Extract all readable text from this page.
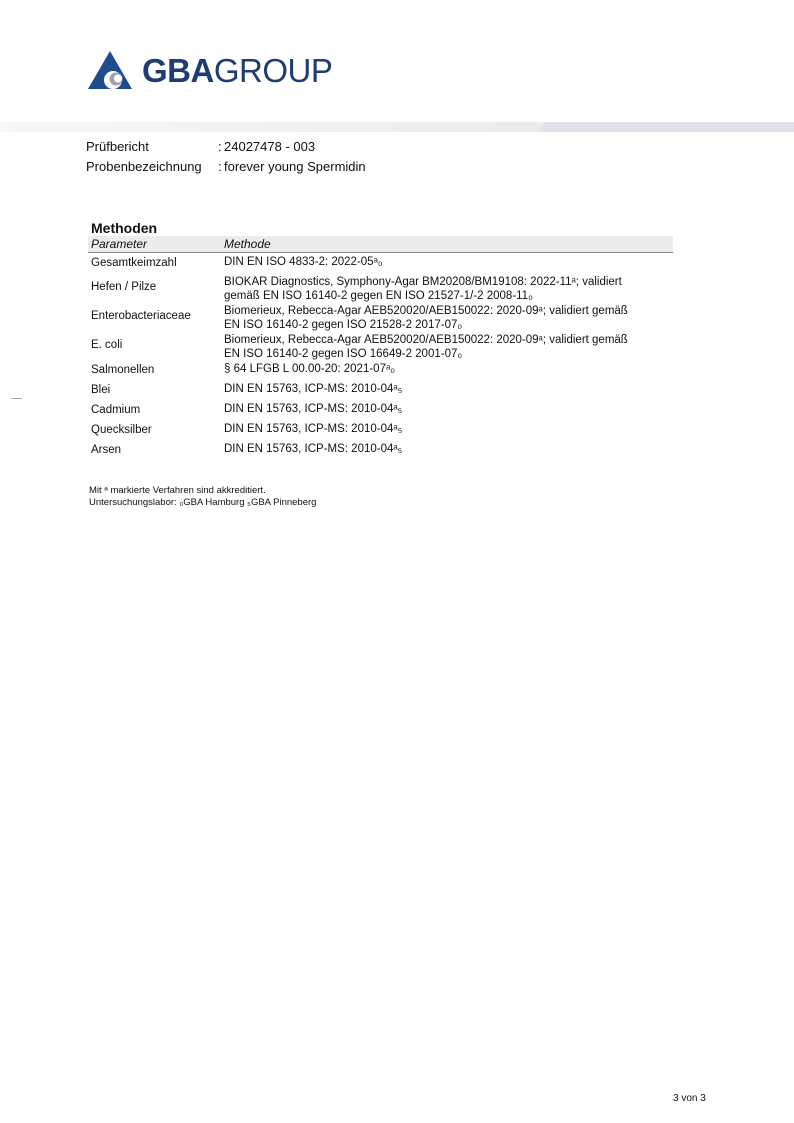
GBAGROUP
Prüfbericht	: 24027478 - 003
Probenbezeichnung	: forever young Spermidin
Methoden
Parameter	Methode
Gesamtkeimzahl	DIN EN ISO 4833-2: 2022-05ᵃ₀
Hefen / Pilze	BIOKAR Diagnostics, Symphony-Agar BM20208/BM19108: 2022-11ᵃ; validiert
gemäß EN ISO 16140-2 gegen EN ISO 21527-1/-2 2008-11₀
Enterobacteriaceae	Biomerieux, Rebecca-Agar AEB520020/AEB150022: 2020-09ᵃ; validiert gemäß
EN ISO 16140-2 gegen ISO 21528-2 2017-07₀
E. coli	Biomerieux, Rebecca-Agar AEB520020/AEB150022: 2020-09ᵃ; validiert gemäß
EN ISO 16140-2 gegen ISO 16649-2 2001-07₀
Salmonellen	§ 64 LFGB L 00.00-20: 2021-07ᵃ₀
Blei	DIN EN 15763, ICP-MS: 2010-04ᵃ₅
Cadmium	DIN EN 15763, ICP-MS: 2010-04ᵃ₅
Quecksilber	DIN EN 15763, ICP-MS: 2010-04ᵃ₅
Arsen	DIN EN 15763, ICP-MS: 2010-04ᵃ₅
Mit ᵃ markierte Verfahren sind akkreditiert.
Untersuchungslabor: ₀GBA Hamburg ₅GBA Pinneberg
3 von 3
